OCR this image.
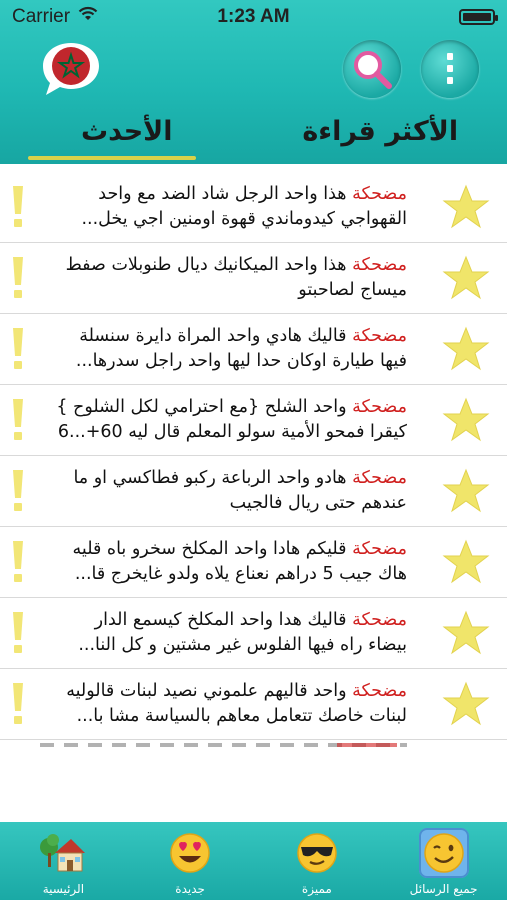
Carrier	1:23 AM
الأكثر قراءة
الأحدث
مضحكة هذا واحد الرجل شاد الضد مع واحد
القهواجي كيدوماندي قهوة اومنين اجي يخل...
مضحكة هذا واحد الميكانيك ديال طنوبلات صفط
ميساج لصاحبتو
مضحكة قاليك هادي واحد المراة دايرة سنسلة
فيها طيارة اوكان حدا ليها واحد راجل سدرها...
مضحكة واحد الشلح {مع احترامي لكل الشلوح }
كيقرا فمحو الأمية سولو المعلم قال ليه 60+...6
مضحكة هادو واحد الرباعة ركبو فطاكسي او ما
عندهم حتى ريال فالجيب
مضحكة قليكم هادا واحد المكلخ سخرو باه قليه
هاك جيب 5 دراهم نعناع يلاه ولدو غايخرج قا...
مضحكة قاليك هدا واحد المكلخ كيسمع الدار
بيضاء راه فيها الفلوس غير مشتين و كل النا...
مضحكة واحد قاليهم علموني نصيد لبنات قالوليه
لبنات خاصك تتعامل معاهم بالسياسة مشا با...
جميع الرسائل
مميزة
جديدة
الرئيسية
